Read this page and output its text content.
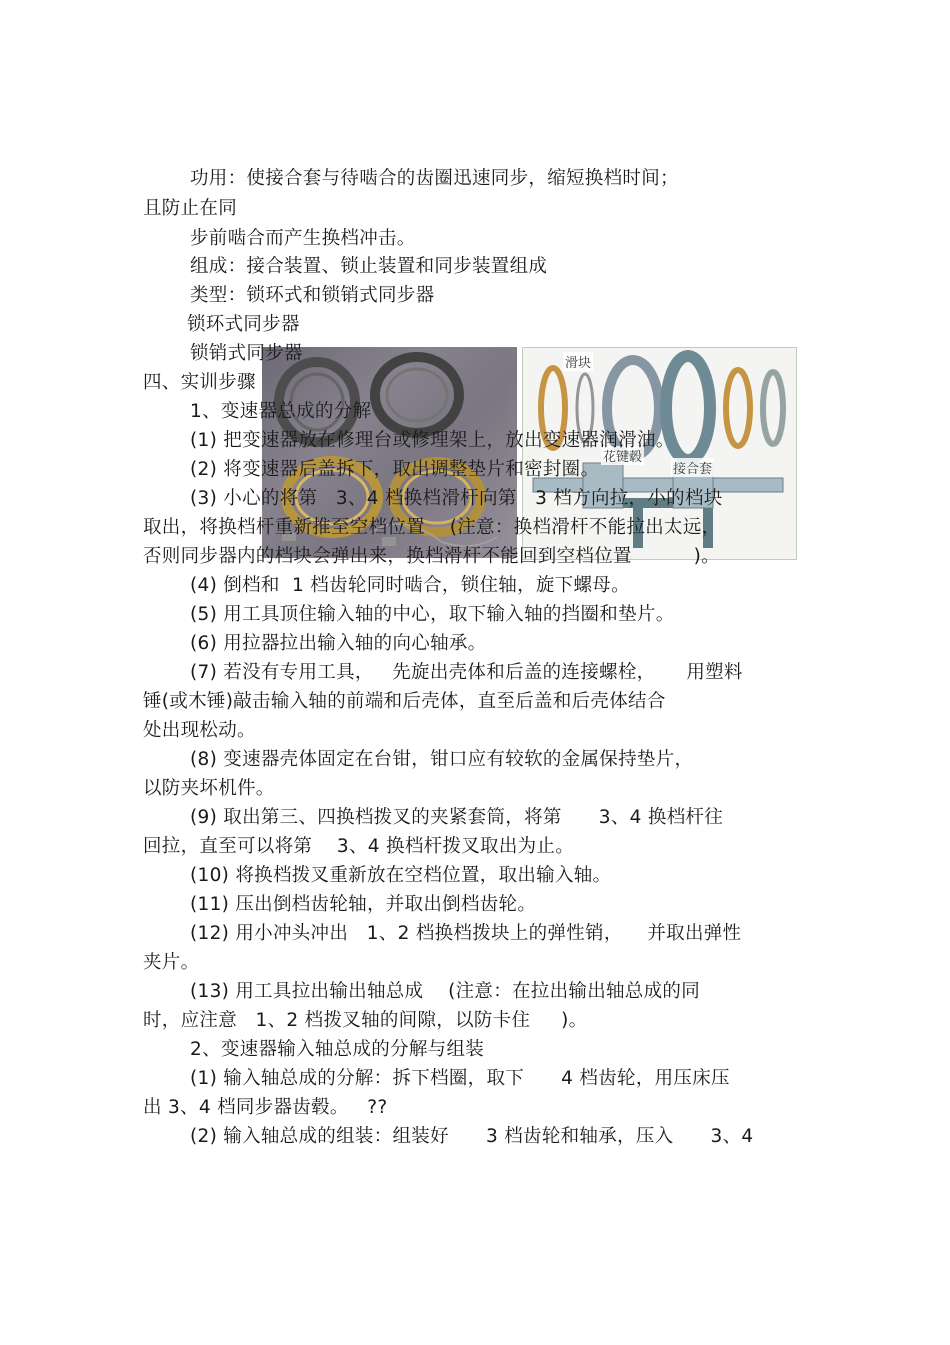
滑块
花键毂
接合套
功用：使接合套与待啮合的齿圈迅速同步，缩短换档时间；
且防止在同
步前啮合而产生换档冲击。
组成：接合装置、锁止装置和同步装置组成
类型：锁环式和锁销式同步器
锁环式同步器
锁销式同步器
四、实训步骤
1、变速器总成的分解
(1) 把变速器放在修理台或修理架上，放出变速器润滑油。
(2) 将变速器后盖拆下，取出调整垫片和密封圈。
(3) 小心的将第   3、4 档换档滑杆向第   3 档方向拉，小的档块
取出，将换档杆重新推至空档位置    (注意：换档滑杆不能拉出太远，
否则同步器内的档块会弹出来，换档滑杆不能回到空档位置          )。
(4) 倒档和  1 档齿轮同时啮合，锁住轴，旋下螺母。
(5) 用工具顶住输入轴的中心，取下输入轴的挡圈和垫片。
(6) 用拉器拉出输入轴的向心轴承。
(7) 若没有专用工具，   先旋出壳体和后盖的连接螺栓，     用塑料
锤(或木锤)敲击输入轴的前端和后壳体，直至后盖和后壳体结合
处出现松动。
(8) 变速器壳体固定在台钳，钳口应有较软的金属保持垫片，
以防夹坏机件。
(9) 取出第三、四换档拨叉的夹紧套筒，将第      3、4 换档杆往
回拉，直至可以将第    3、4 换档杆拨叉取出为止。
(10) 将换档拨叉重新放在空档位置，取出输入轴。
(11) 压出倒档齿轮轴，并取出倒档齿轮。
(12) 用小冲头冲出   1、2 档换档拨块上的弹性销，    并取出弹性
夹片。
(13) 用工具拉出输出轴总成    (注意：在拉出输出轴总成的同
时，应注意   1、2 档拨叉轴的间隙，以防卡住     )。
2、变速器输入轴总成的分解与组装
(1) 输入轴总成的分解：拆下档圈，取下      4 档齿轮，用压床压
出 3、4 档同步器齿毂。   ??
(2) 输入轴总成的组装：组装好      3 档齿轮和轴承，压入      3、4
